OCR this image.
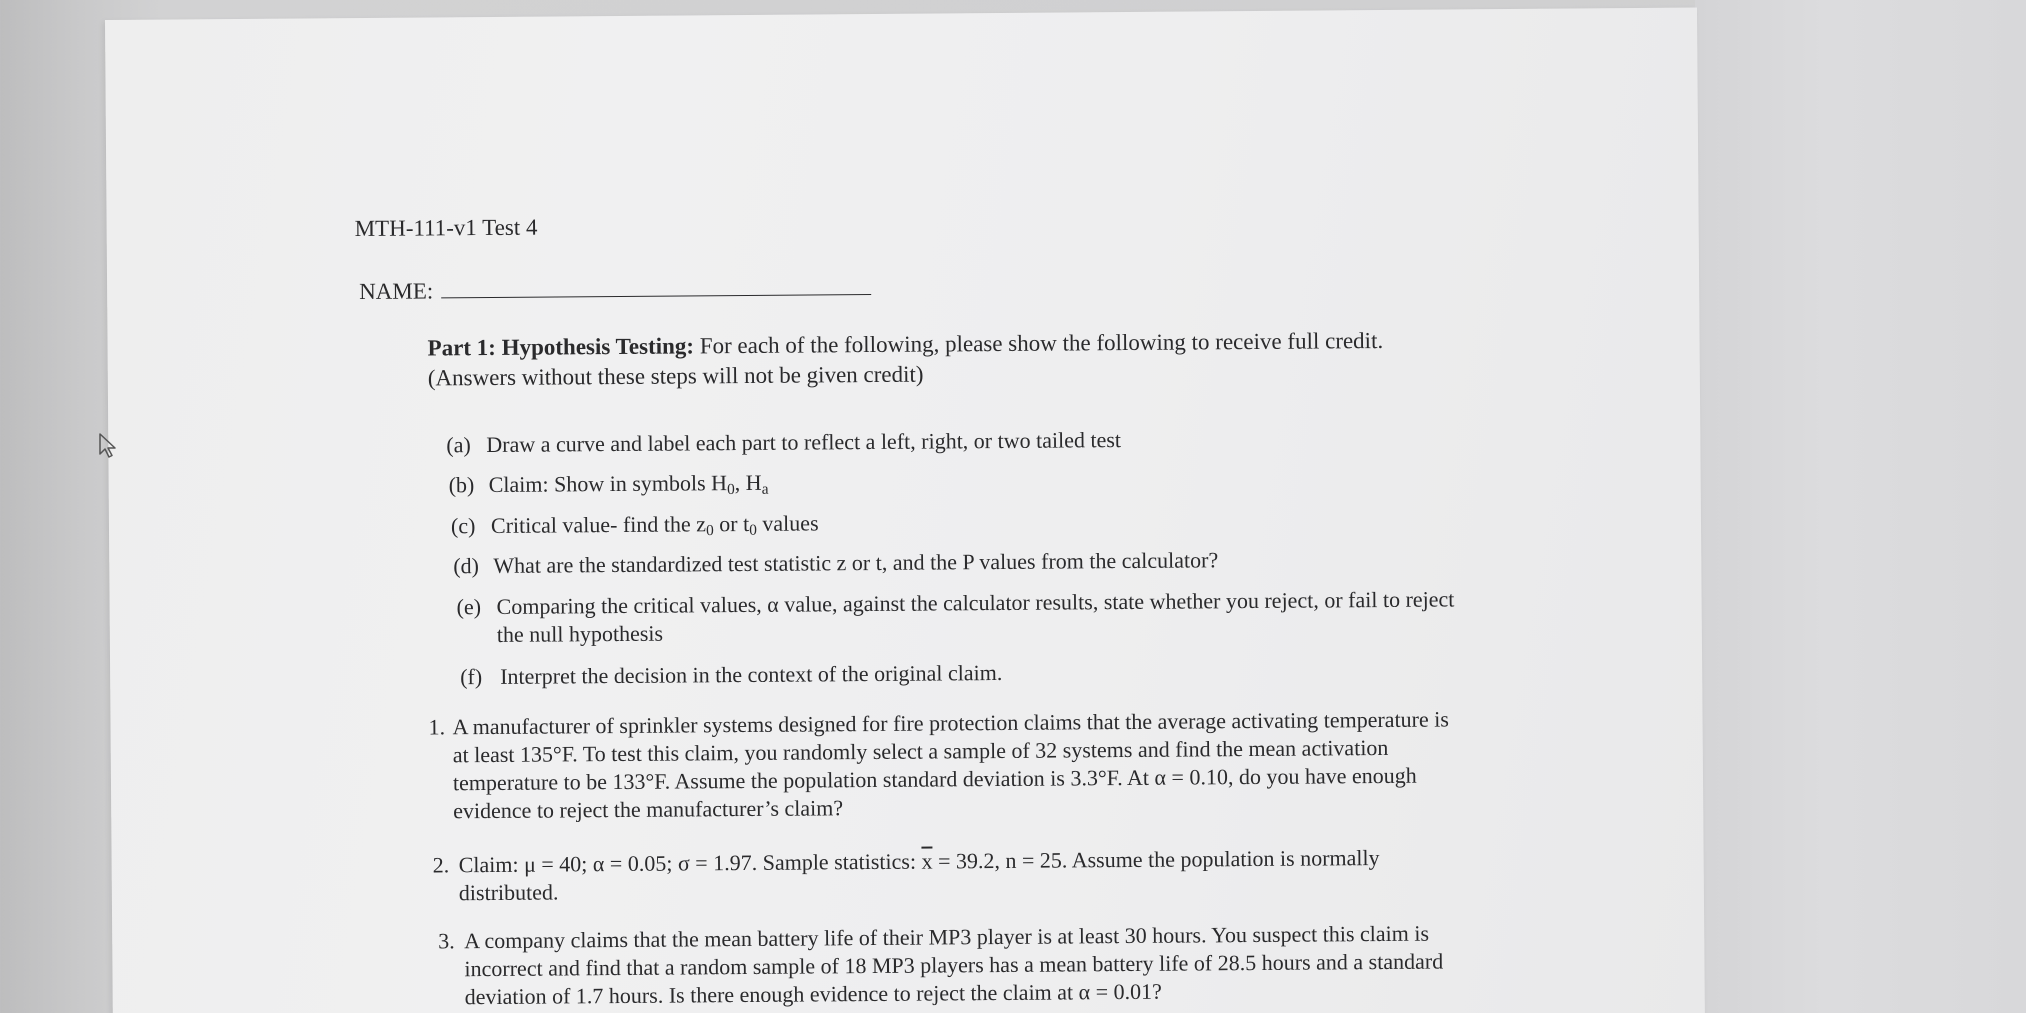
MTH-111-v1 Test 4
NAME:
Part 1: Hypothesis Testing: For each of the following, please show the following to receive full credit. (Answers without these steps will not be given credit)
(a) Draw a curve and label each part to reflect a left, right, or two tailed test
(b) Claim: Show in symbols $H_0$, $H_a$
(c) Critical value- find the $z_0$ or $t_0$ values
(d) What are the standardized test statistic z or t, and the P values from the calculator?
(e) Comparing the critical values, α value, against the calculator results, state whether you reject, or fail to reject the null hypothesis
(f) Interpret the decision in the context of the original claim.
1. A manufacturer of sprinkler systems designed for fire protection claims that the average activating temperature is at least 135°F. To test this claim, you randomly select a sample of 32 systems and find the mean activation temperature to be 133°F. Assume the population standard deviation is 3.3°F. At α = 0.10, do you have enough evidence to reject the manufacturer’s claim?
2. Claim: μ = 40; α = 0.05; σ = 1.97. Sample statistics: $\overline{x} = 39.2$, n = 25. Assume the population is normally distributed.
3. A company claims that the mean battery life of their MP3 player is at least 30 hours. You suspect this claim is incorrect and find that a random sample of 18 MP3 players has a mean battery life of 28.5 hours and a standard deviation of 1.7 hours. Is there enough evidence to reject the claim at α = 0.01?
